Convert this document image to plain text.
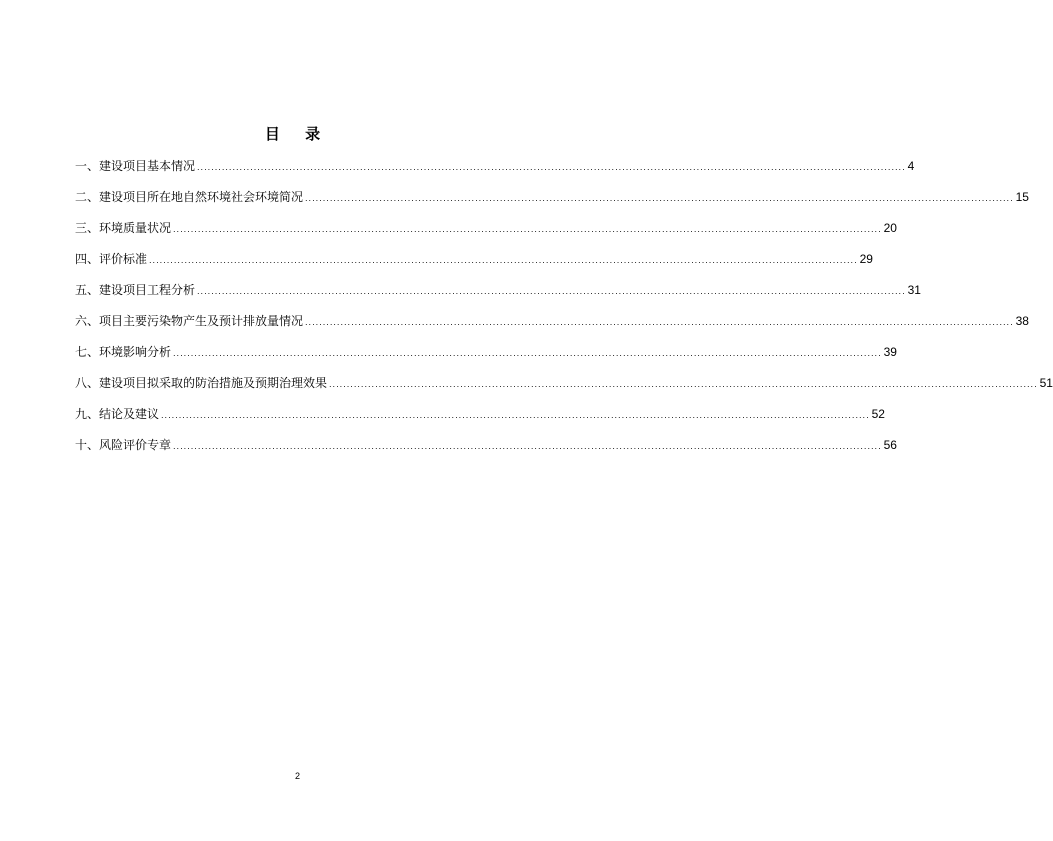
目 录
一、建设项目基本情况 ........................................................................................................................................................................................................ 4
二、建设项目所在地自然环境社会环境简况 ........................................................................................................................................................................................................ 15
三、环境质量状况 ........................................................................................................................................................................................................ 20
四、评价标准 ........................................................................................................................................................................................................ 29
五、建设项目工程分析 ........................................................................................................................................................................................................ 31
六、项目主要污染物产生及预计排放量情况 ........................................................................................................................................................................................................ 38
七、环境影响分析 ........................................................................................................................................................................................................ 39
八、建设项目拟采取的防治措施及预期治理效果 ........................................................................................................................................................................................................ 51
九、结论及建议 ........................................................................................................................................................................................................ 52
十、风险评价专章 ........................................................................................................................................................................................................ 56
2
